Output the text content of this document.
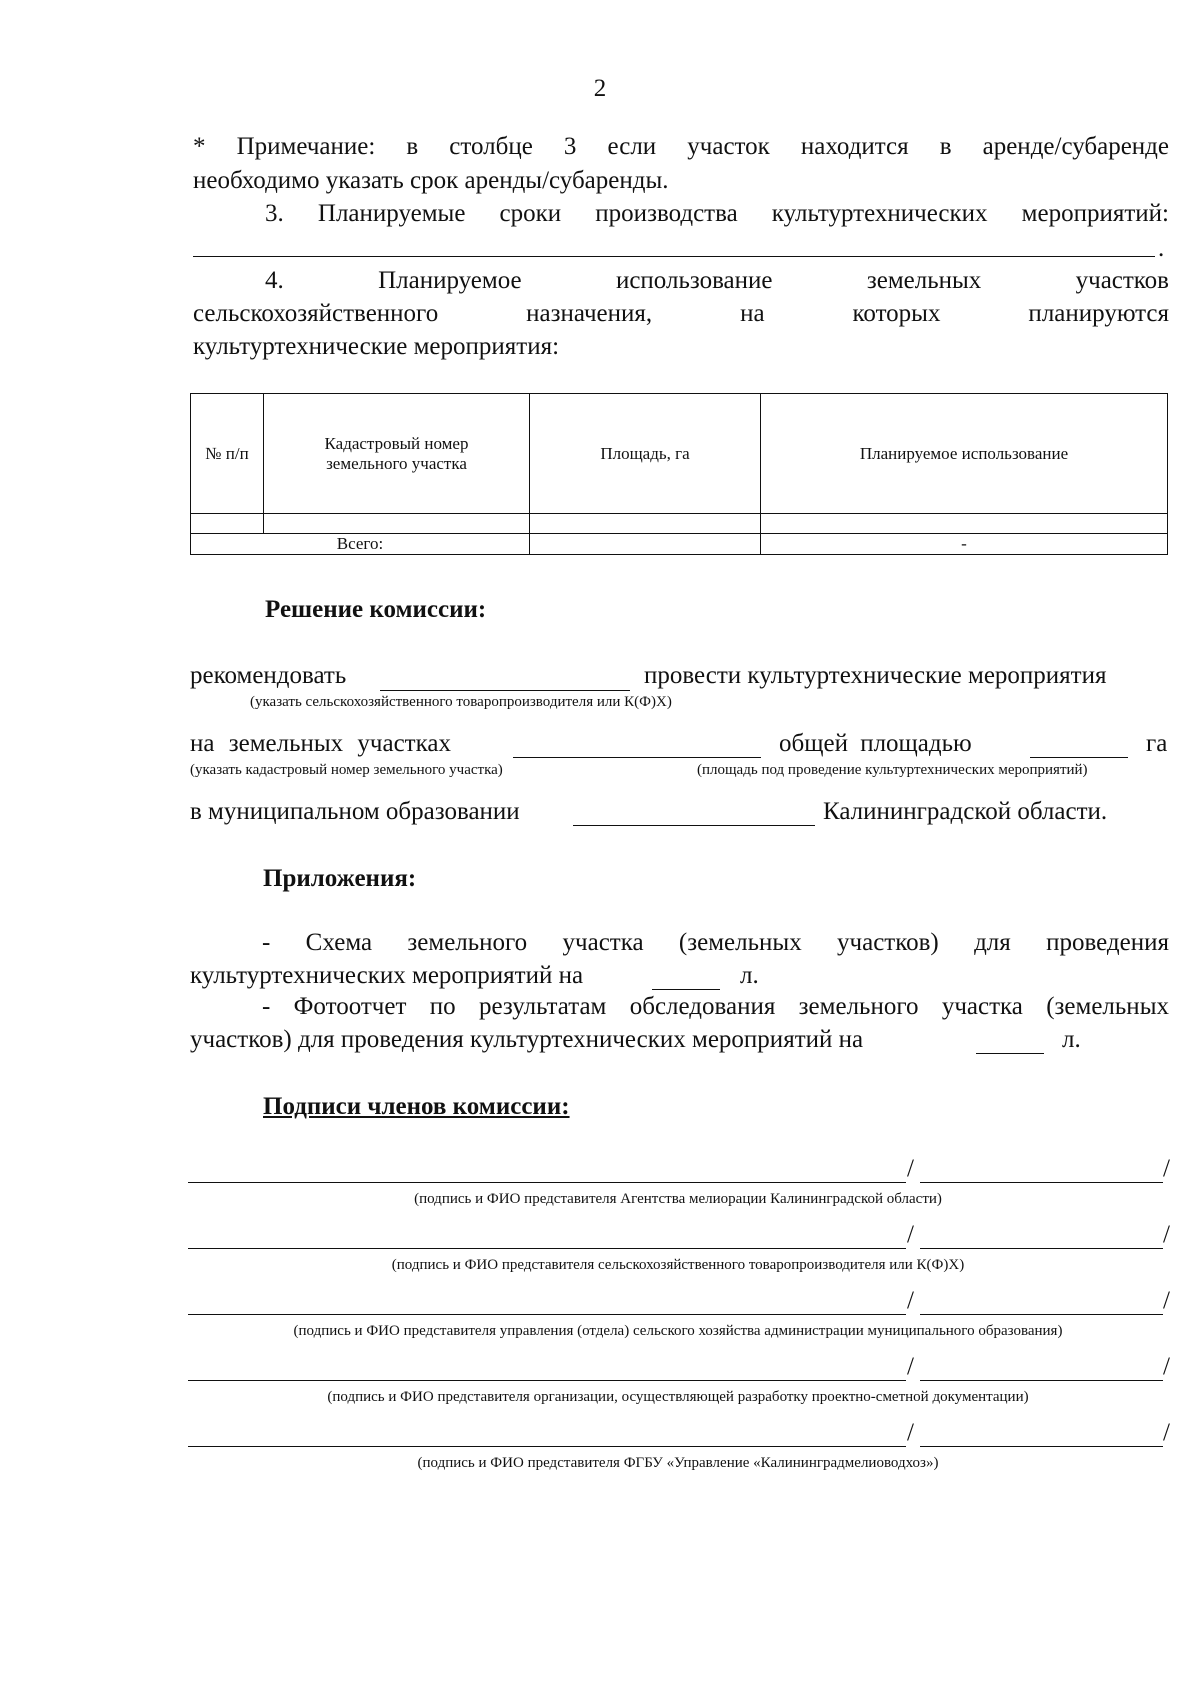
2
* Примечание: в столбце 3 если участок находится в аренде/субаренде
необходимо указать срок аренды/субаренды.
3. Планируемые сроки производства культуртехнических мероприятий:
.
4. Планируемое использование земельных участков
сельскохозяйственного назначения, на которых планируются
культуртехнические мероприятия:
№ п/п	Кадастровый номер земельного участка	Площадь, га	Планируемое использование

Всего:			-
Решение комиссии:
рекомендовать	провести культуртехнические мероприятия
(указать сельскохозяйственного товаропроизводителя или К(Ф)Х)
на земельных участках	общей площадью	га
(указать кадастровый номер земельного участка)	(площадь под проведение культуртехнических мероприятий)
в муниципальном образовании	Калининградской области.
Приложения:
- Схема земельного участка (земельных участков) для проведения
культуртехнических мероприятий на	л.
- Фотоотчет по результатам обследования земельного участка (земельных
участков) для проведения культуртехнических мероприятий на	л.
Подписи членов комиссии:
/	/
(подпись и ФИО представителя Агентства мелиорации Калининградской области)
/	/
(подпись и ФИО представителя сельскохозяйственного товаропроизводителя или К(Ф)Х)
/	/
(подпись и ФИО представителя управления (отдела) сельского хозяйства администрации муниципального образования)
/	/
(подпись и ФИО представителя организации, осуществляющей разработку проектно-сметной документации)
/	/
(подпись и ФИО представителя ФГБУ «Управление «Калининградмелиоводхоз»)
